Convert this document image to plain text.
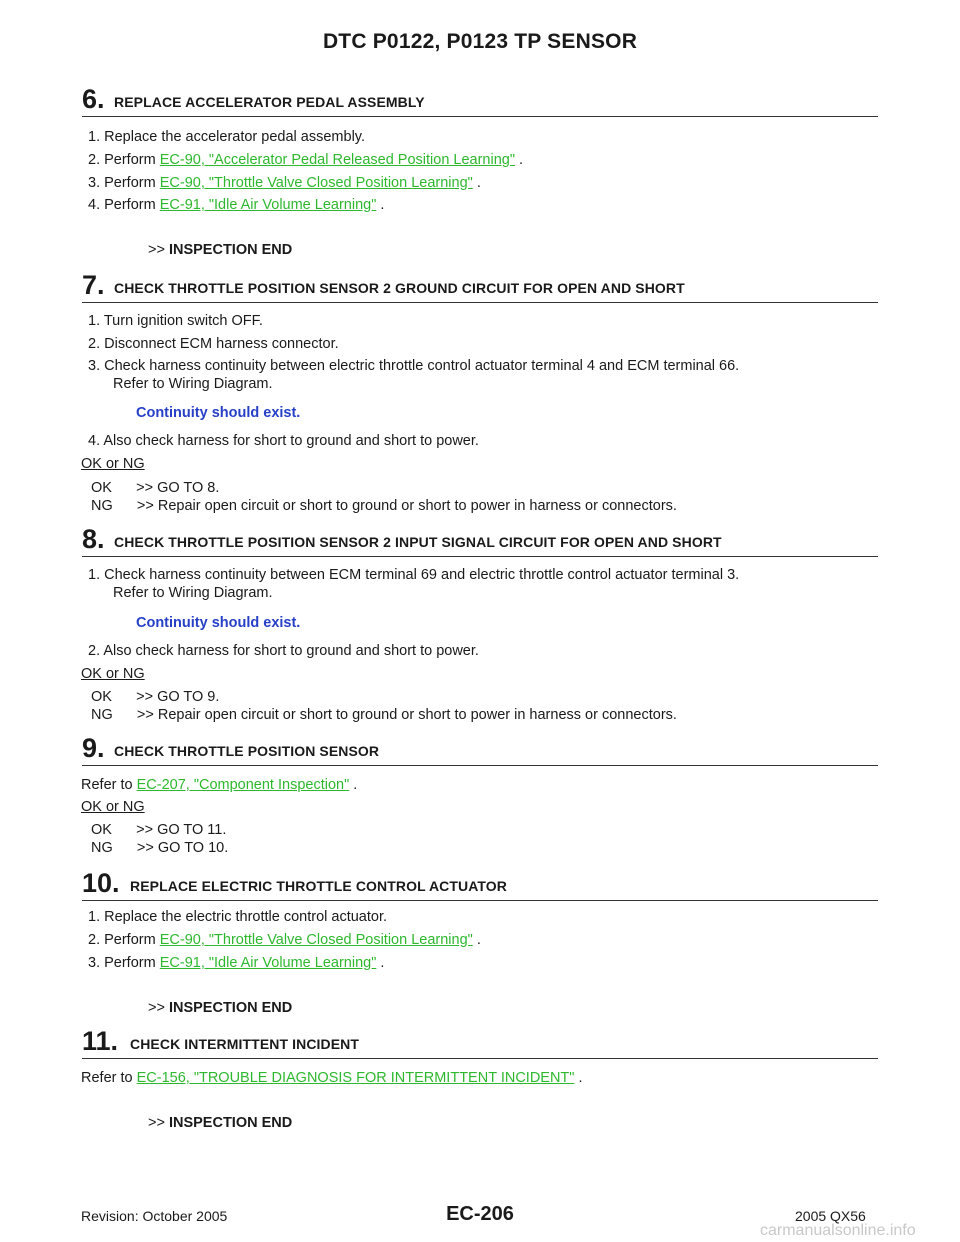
DTC P0122, P0123 TP SENSOR
6. REPLACE ACCELERATOR PEDAL ASSEMBLY
1. Replace the accelerator pedal assembly.
2. Perform EC-90, "Accelerator Pedal Released Position Learning" .
3. Perform EC-90, "Throttle Valve Closed Position Learning" .
4. Perform EC-91, "Idle Air Volume Learning" .
>> INSPECTION END
7. CHECK THROTTLE POSITION SENSOR 2 GROUND CIRCUIT FOR OPEN AND SHORT
1. Turn ignition switch OFF.
2. Disconnect ECM harness connector.
3. Check harness continuity between electric throttle control actuator terminal 4 and ECM terminal 66.
Refer to Wiring Diagram.
Continuity should exist.
4. Also check harness for short to ground and short to power.
OK or NG
OK      >> GO TO 8.
NG      >> Repair open circuit or short to ground or short to power in harness or connectors.
8. CHECK THROTTLE POSITION SENSOR 2 INPUT SIGNAL CIRCUIT FOR OPEN AND SHORT
1. Check harness continuity between ECM terminal 69 and electric throttle control actuator terminal 3.
Refer to Wiring Diagram.
Continuity should exist.
2. Also check harness for short to ground and short to power.
OK or NG
OK      >> GO TO 9.
NG      >> Repair open circuit or short to ground or short to power in harness or connectors.
9. CHECK THROTTLE POSITION SENSOR
Refer to EC-207, "Component Inspection" .
OK or NG
OK      >> GO TO 11.
NG      >> GO TO 10.
10. REPLACE ELECTRIC THROTTLE CONTROL ACTUATOR
1. Replace the electric throttle control actuator.
2. Perform EC-90, "Throttle Valve Closed Position Learning" .
3. Perform EC-91, "Idle Air Volume Learning" .
>> INSPECTION END
11. CHECK INTERMITTENT INCIDENT
Refer to EC-156, "TROUBLE DIAGNOSIS FOR INTERMITTENT INCIDENT" .
>> INSPECTION END
Revision: October 2005	EC-206	2005 QX56
carmanualsonline.info
